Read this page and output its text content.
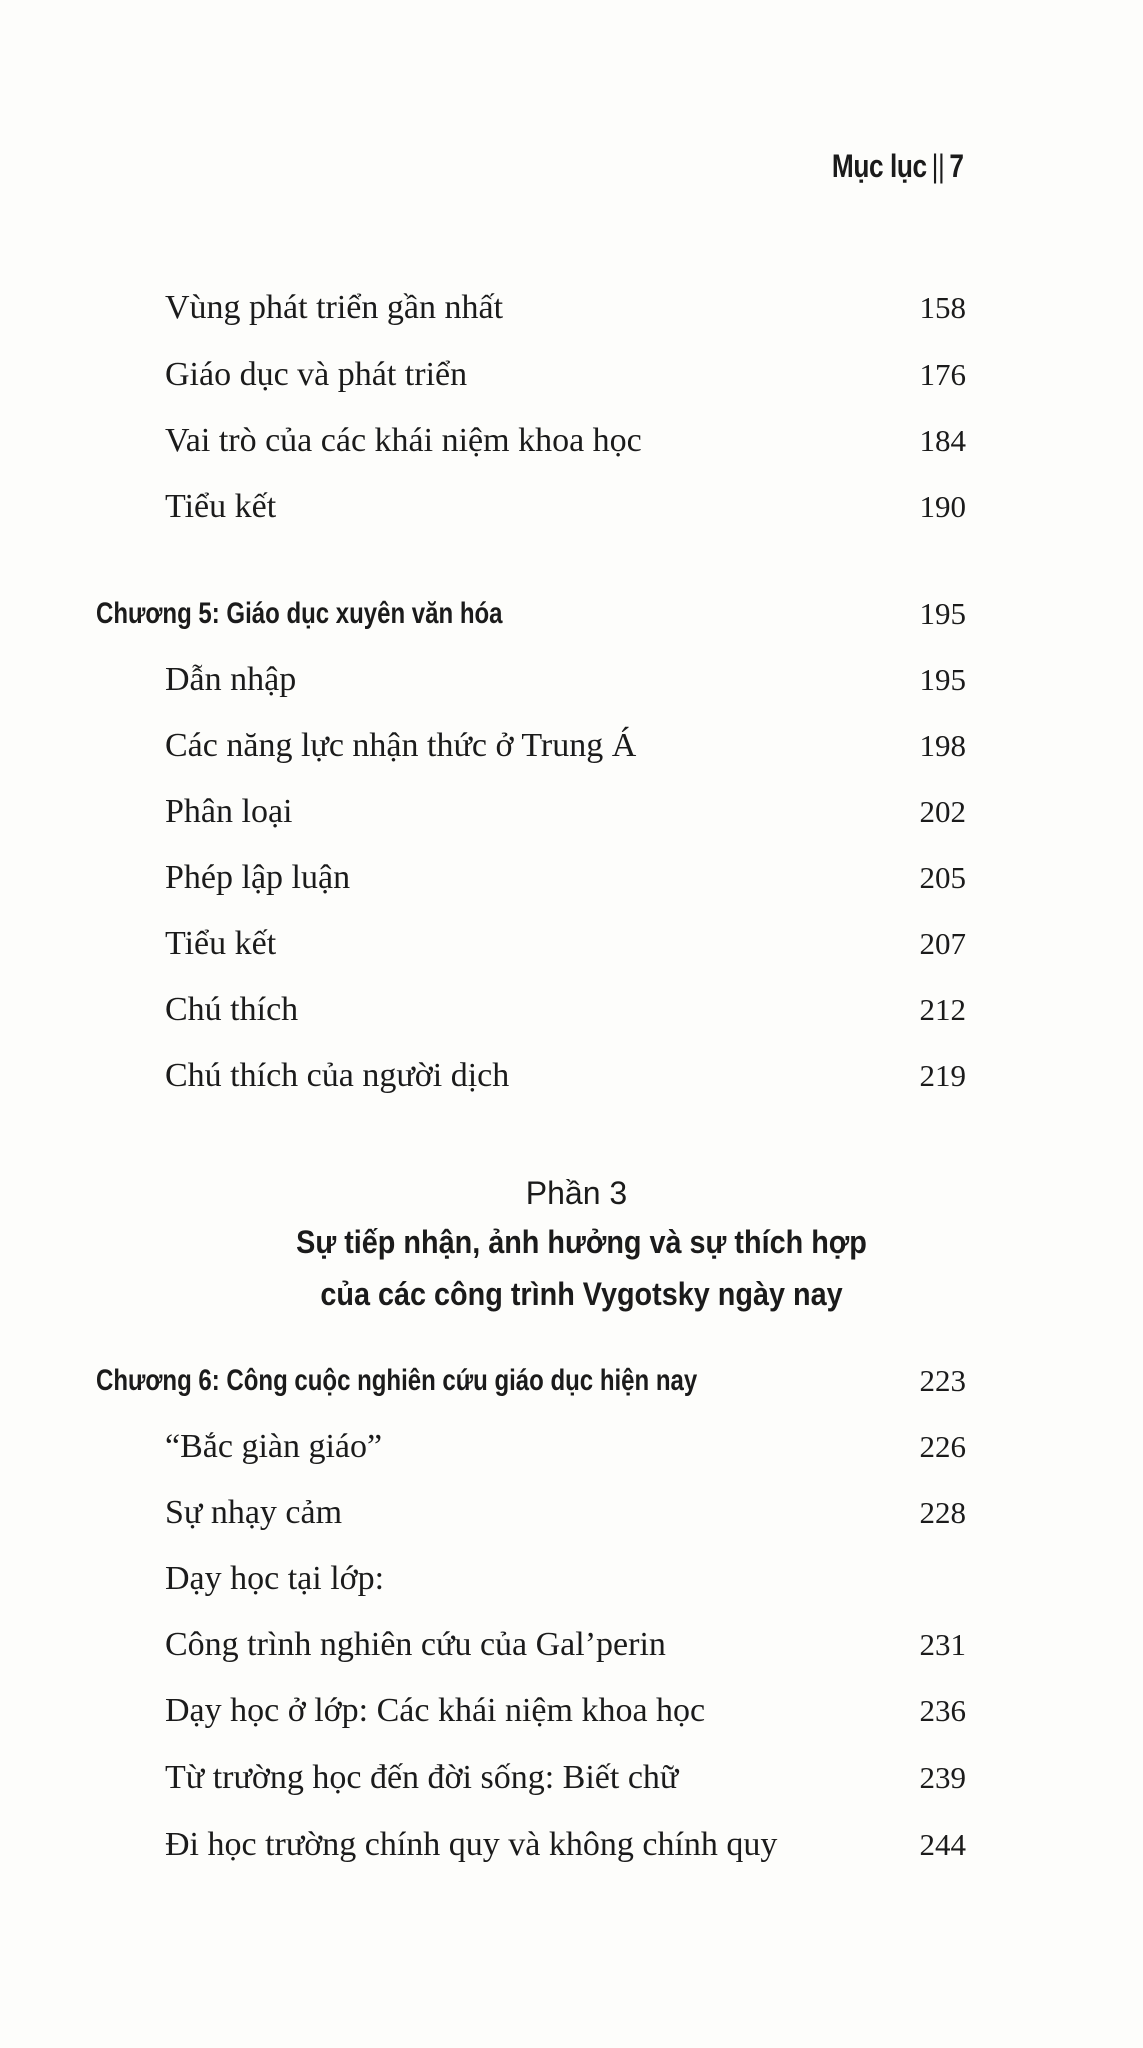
Mục lục || 7
Vùng phát triển gần nhất	158
Giáo dục và phát triển	176
Vai trò của các khái niệm khoa học	184
Tiểu kết	190
Chương 5: Giáo dục xuyên văn hóa	195
Dẫn nhập	195
Các năng lực nhận thức ở Trung Á	198
Phân loại	202
Phép lập luận	205
Tiểu kết	207
Chú thích	212
Chú thích của người dịch	219
Phần 3
Sự tiếp nhận, ảnh hưởng và sự thích hợp
của các công trình Vygotsky ngày nay
Chương 6: Công cuộc nghiên cứu giáo dục hiện nay	223
“Bắc giàn giáo”	226
Sự nhạy cảm	228
Dạy học tại lớp:
Công trình nghiên cứu của Gal’perin	231
Dạy học ở lớp: Các khái niệm khoa học	236
Từ trường học đến đời sống: Biết chữ	239
Đi học trường chính quy và không chính quy	244
